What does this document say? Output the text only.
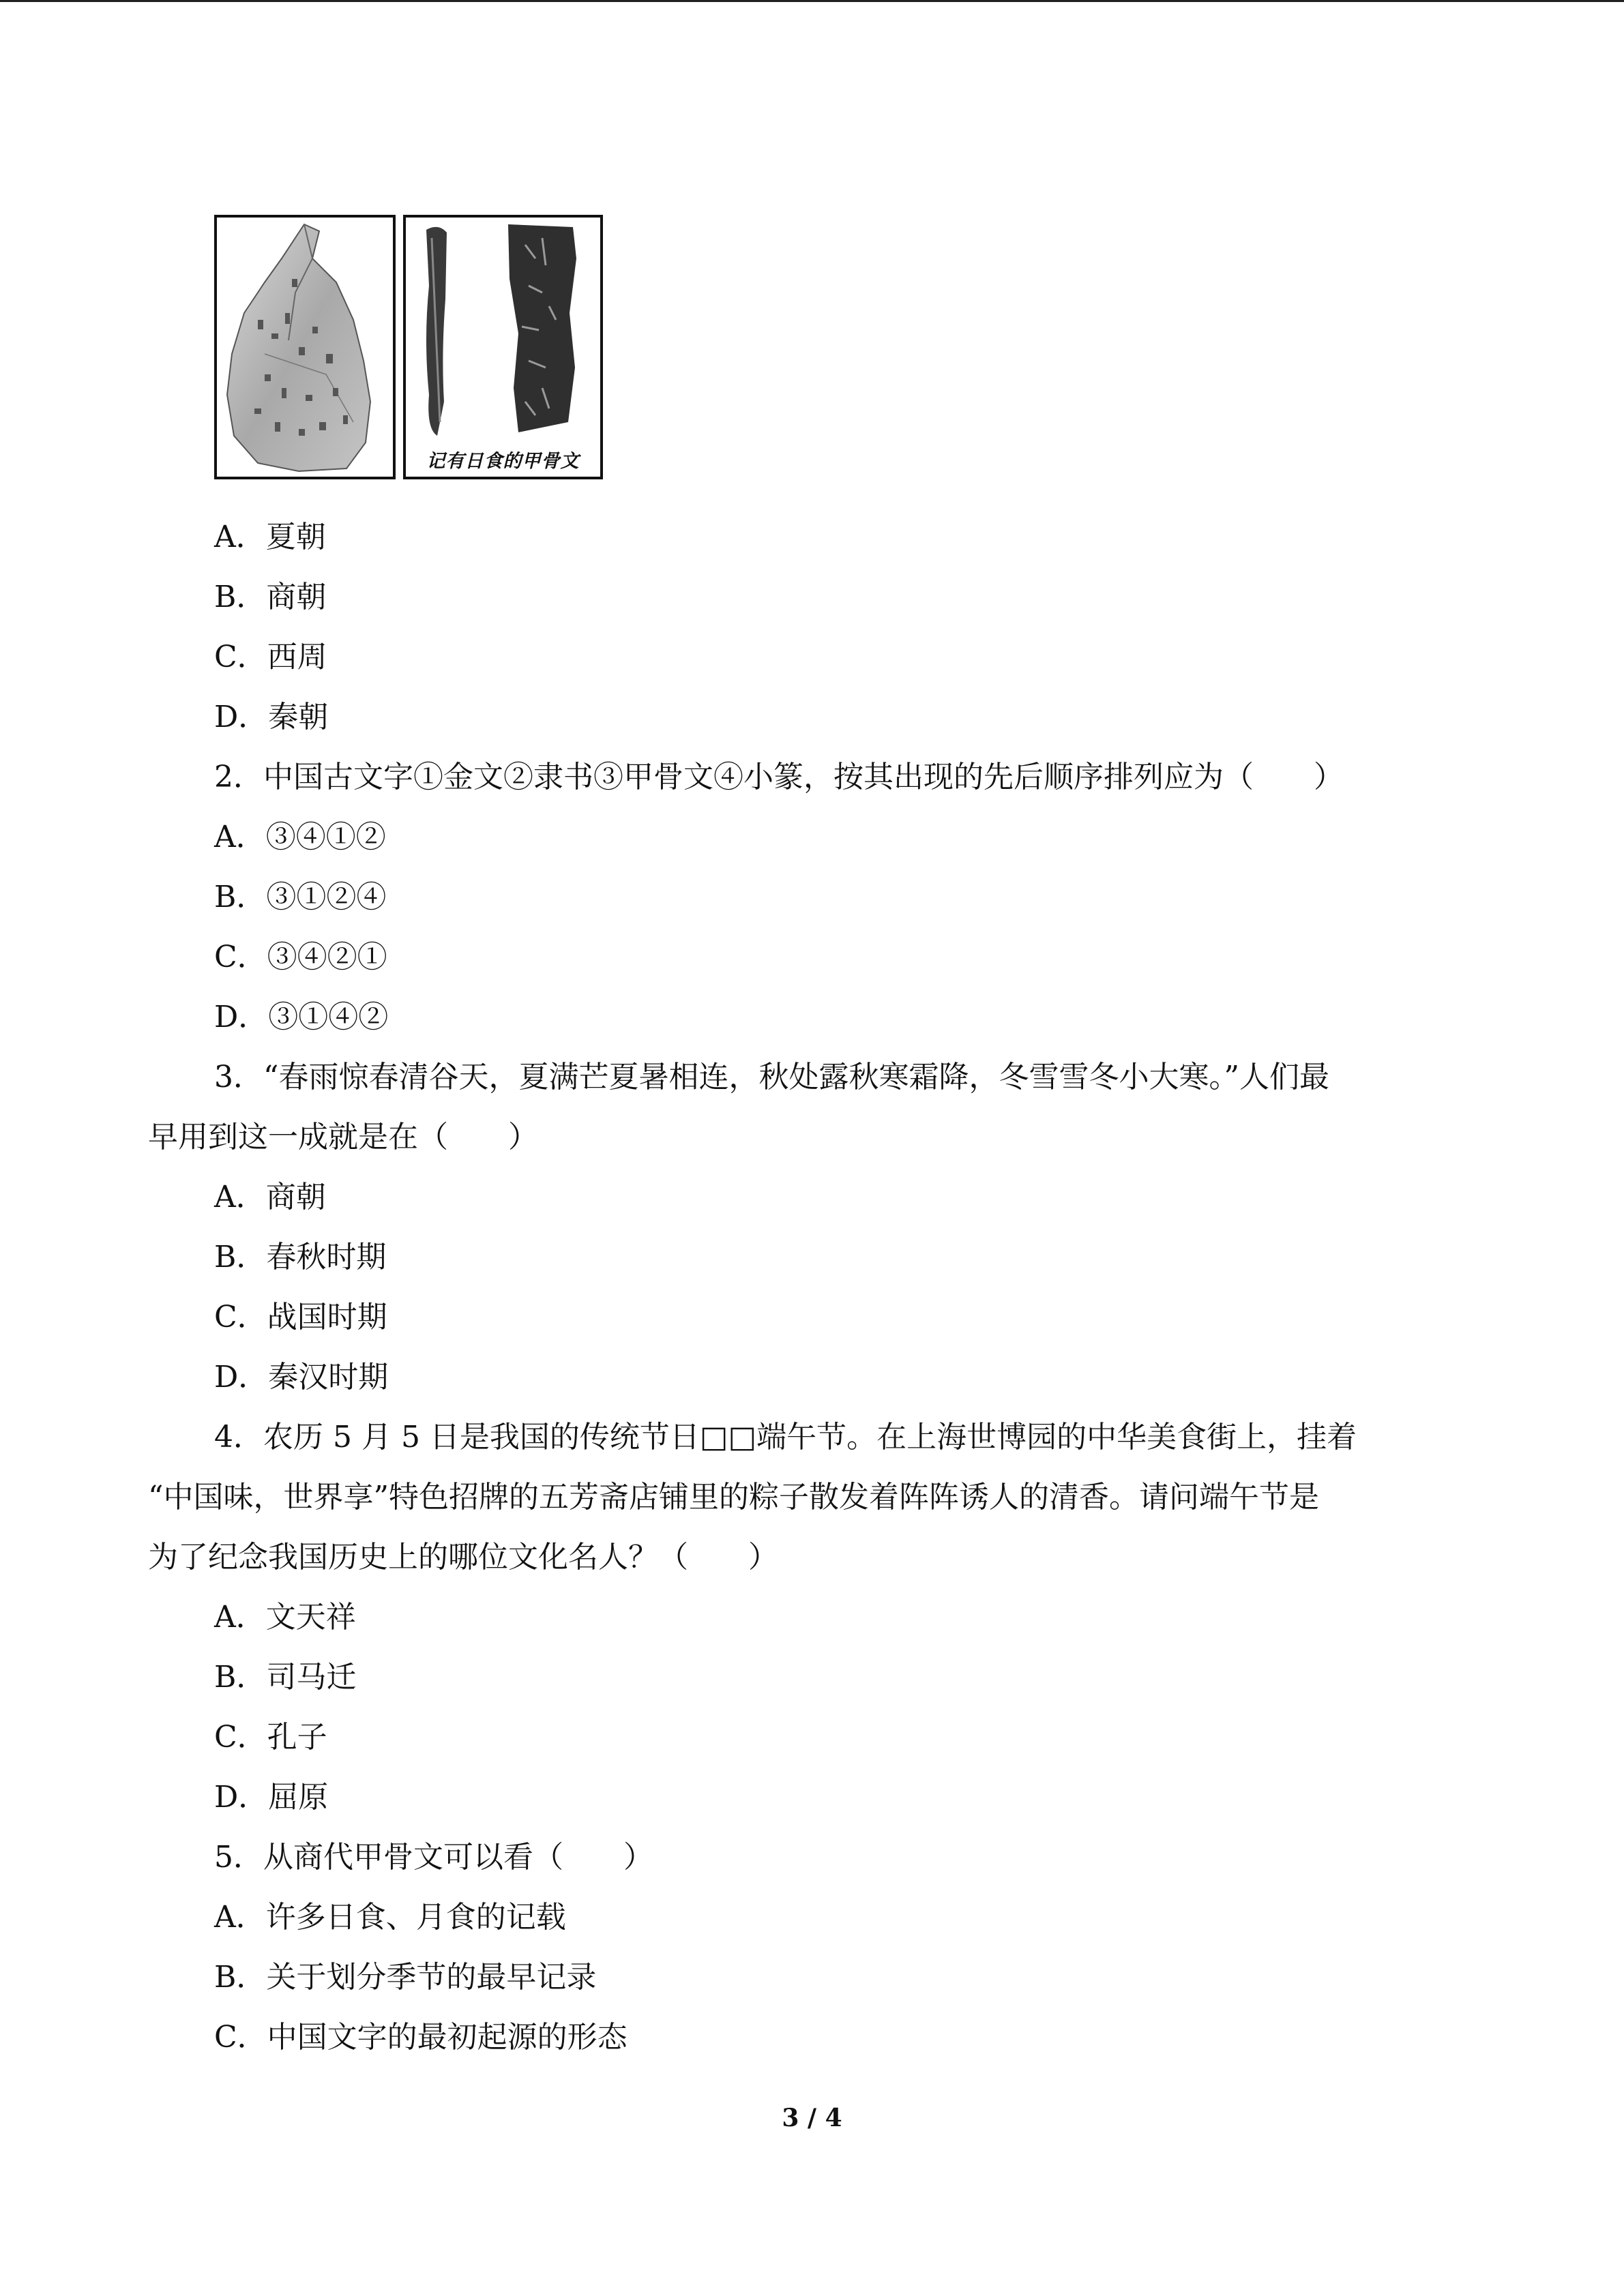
记有日食的甲骨文
A．夏朝
B．商朝
C．西周
D．秦朝
2．中国古文字①金文②隶书③甲骨文④小篆，按其出现的先后顺序排列应为（　　）
A．③④①②
B．③①②④
C．③④②①
D．③①④②
3．“春雨惊春清谷天，夏满芒夏暑相连，秋处露秋寒霜降，冬雪雪冬小大寒。”人们最
早用到这一成就是在（　　）
A．商朝
B．春秋时期
C．战国时期
D．秦汉时期
4．农历 5 月 5 日是我国的传统节日□□端午节。在上海世博园的中华美食街上，挂着
“中国味，世界享”特色招牌的五芳斋店铺里的粽子散发着阵阵诱人的清香。请问端午节是
为了纪念我国历史上的哪位文化名人？（　　）
A．文天祥
B．司马迁
C．孔子
D．屈原
5．从商代甲骨文可以看（　　）
A．许多日食、月食的记载
B．关于划分季节的最早记录
C．中国文字的最初起源的形态
3 / 4
